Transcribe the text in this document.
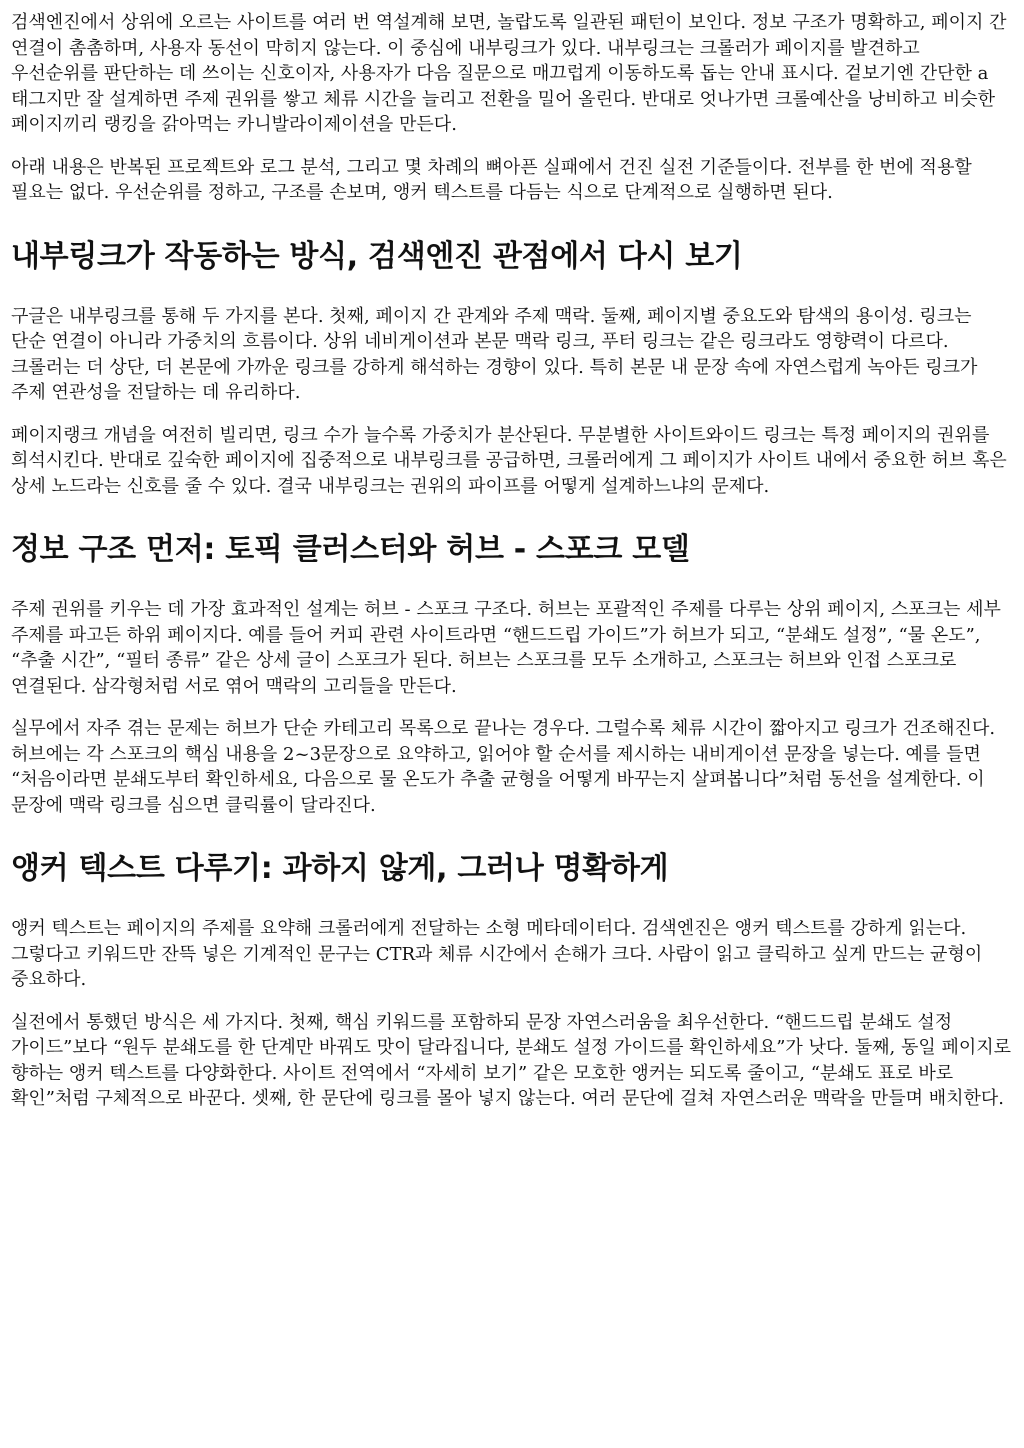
검색엔진에서 상위에 오르는 사이트를 여러 번 역설계해 보면, 놀랍도록 일관된 패턴이 보인다. 정보 구조가 명확하고, 페이지 간 연결이 촘촘하며, 사용자 동선이 막히지 않는다. 이 중심에 내부링크가 있다. 내부링크는 크롤러가 페이지를 발견하고 우선순위를 판단하는 데 쓰이는 신호이자, 사용자가 다음 질문으로 매끄럽게 이동하도록 돕는 안내 표시다. 겉보기엔 간단한 a 태그지만 잘 설계하면 주제 권위를 쌓고 체류 시간을 늘리고 전환을 밀어 올린다. 반대로 엇나가면 크롤예산을 낭비하고 비슷한 페이지끼리 랭킹을 갉아먹는 카니발라이제이션을 만든다.

아래 내용은 반복된 프로젝트와 로그 분석, 그리고 몇 차례의 뼈아픈 실패에서 건진 실전 기준들이다. 전부를 한 번에 적용할 필요는 없다. 우선순위를 정하고, 구조를 손보며, 앵커 텍스트를 다듬는 식으로 단계적으로 실행하면 된다.

내부링크가 작동하는 방식, 검색엔진 관점에서 다시 보기

구글은 내부링크를 통해 두 가지를 본다. 첫째, 페이지 간 관계와 주제 맥락. 둘째, 페이지별 중요도와 탐색의 용이성. 링크는 단순 연결이 아니라 가중치의 흐름이다. 상위 네비게이션과 본문 맥락 링크, 푸터 링크는 같은 링크라도 영향력이 다르다. 크롤러는 더 상단, 더 본문에 가까운 링크를 강하게 해석하는 경향이 있다. 특히 본문 내 문장 속에 자연스럽게 녹아든 링크가 주제 연관성을 전달하는 데 유리하다.

페이지랭크 개념을 여전히 빌리면, 링크 수가 늘수록 가중치가 분산된다. 무분별한 사이트와이드 링크는 특정 페이지의 권위를 희석시킨다. 반대로 깊숙한 페이지에 집중적으로 내부링크를 공급하면, 크롤러에게 그 페이지가 사이트 내에서 중요한 허브 혹은 상세 노드라는 신호를 줄 수 있다. 결국 내부링크는 권위의 파이프를 어떻게 설계하느냐의 문제다.

정보 구조 먼저: 토픽 클러스터와 허브 - 스포크 모델

주제 권위를 키우는 데 가장 효과적인 설계는 허브 - 스포크 구조다. 허브는 포괄적인 주제를 다루는 상위 페이지, 스포크는 세부 주제를 파고든 하위 페이지다. 예를 들어 커피 관련 사이트라면 “핸드드립 가이드”가 허브가 되고, “분쇄도 설정”, “물 온도”, “추출 시간”, “필터 종류” 같은 상세 글이 스포크가 된다. 허브는 스포크를 모두 소개하고, 스포크는 허브와 인접 스포크로 연결된다. 삼각형처럼 서로 엮어 맥락의 고리들을 만든다.

실무에서 자주 겪는 문제는 허브가 단순 카테고리 목록으로 끝나는 경우다. 그럴수록 체류 시간이 짧아지고 링크가 건조해진다. 허브에는 각 스포크의 핵심 내용을 2~3문장으로 요약하고, 읽어야 할 순서를 제시하는 내비게이션 문장을 넣는다. 예를 들면 “처음이라면 분쇄도부터 확인하세요, 다음으로 물 온도가 추출 균형을 어떻게 바꾸는지 살펴봅니다”처럼 동선을 설계한다. 이 문장에 맥락 링크를 심으면 클릭률이 달라진다.

앵커 텍스트 다루기: 과하지 않게, 그러나 명확하게

앵커 텍스트는 페이지의 주제를 요약해 크롤러에게 전달하는 소형 메타데이터다. 검색엔진은 앵커 텍스트를 강하게 읽는다. 그렇다고 키워드만 잔뜩 넣은 기계적인 문구는 CTR과 체류 시간에서 손해가 크다. 사람이 읽고 클릭하고 싶게 만드는 균형이 중요하다.

실전에서 통했던 방식은 세 가지다. 첫째, 핵심 키워드를 포함하되 문장 자연스러움을 최우선한다. “핸드드립 분쇄도 설정 가이드”보다 “원두 분쇄도를 한 단계만 바꿔도 맛이 달라집니다, 분쇄도 설정 가이드를 확인하세요”가 낫다. 둘째, 동일 페이지로 향하는 앵커 텍스트를 다양화한다. 사이트 전역에서 “자세히 보기” 같은 모호한 앵커는 되도록 줄이고, “분쇄도 표로 바로 확인”처럼 구체적으로 바꾼다. 셋째, 한 문단에 링크를 몰아 넣지 않는다. 여러 문단에 걸쳐 자연스러운 맥락을 만들며 배치한다.
